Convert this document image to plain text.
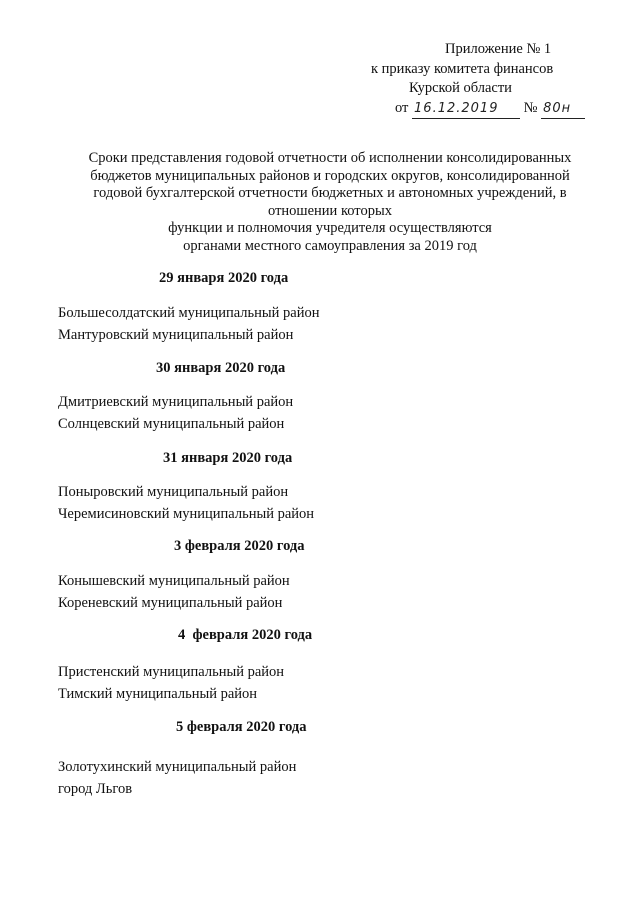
Приложение № 1
к приказу комитета финансов
Курской области
от 16.12.2019 № 80н
Сроки представления годовой отчетности об исполнении консолидированных
бюджетов муниципальных районов и городских округов, консолидированной
годовой бухгалтерской отчетности бюджетных и автономных учреждений, в
отношении которых
функции и полномочия учредителя осуществляются
органами местного самоуправления за 2019 год
29 января 2020 года
Большесолдатский муниципальный район
Мантуровский муниципальный район
30 января 2020 года
Дмитриевский муниципальный район
Солнцевский муниципальный район
31 января 2020 года
Поныровский муниципальный район
Черемисиновский муниципальный район
3 февраля 2020 года
Конышевский муниципальный район
Кореневский муниципальный район
4  февраля 2020 года
Пристенский муниципальный район
Тимский муниципальный район
5 февраля 2020 года
Золотухинский муниципальный район
город Льгов
